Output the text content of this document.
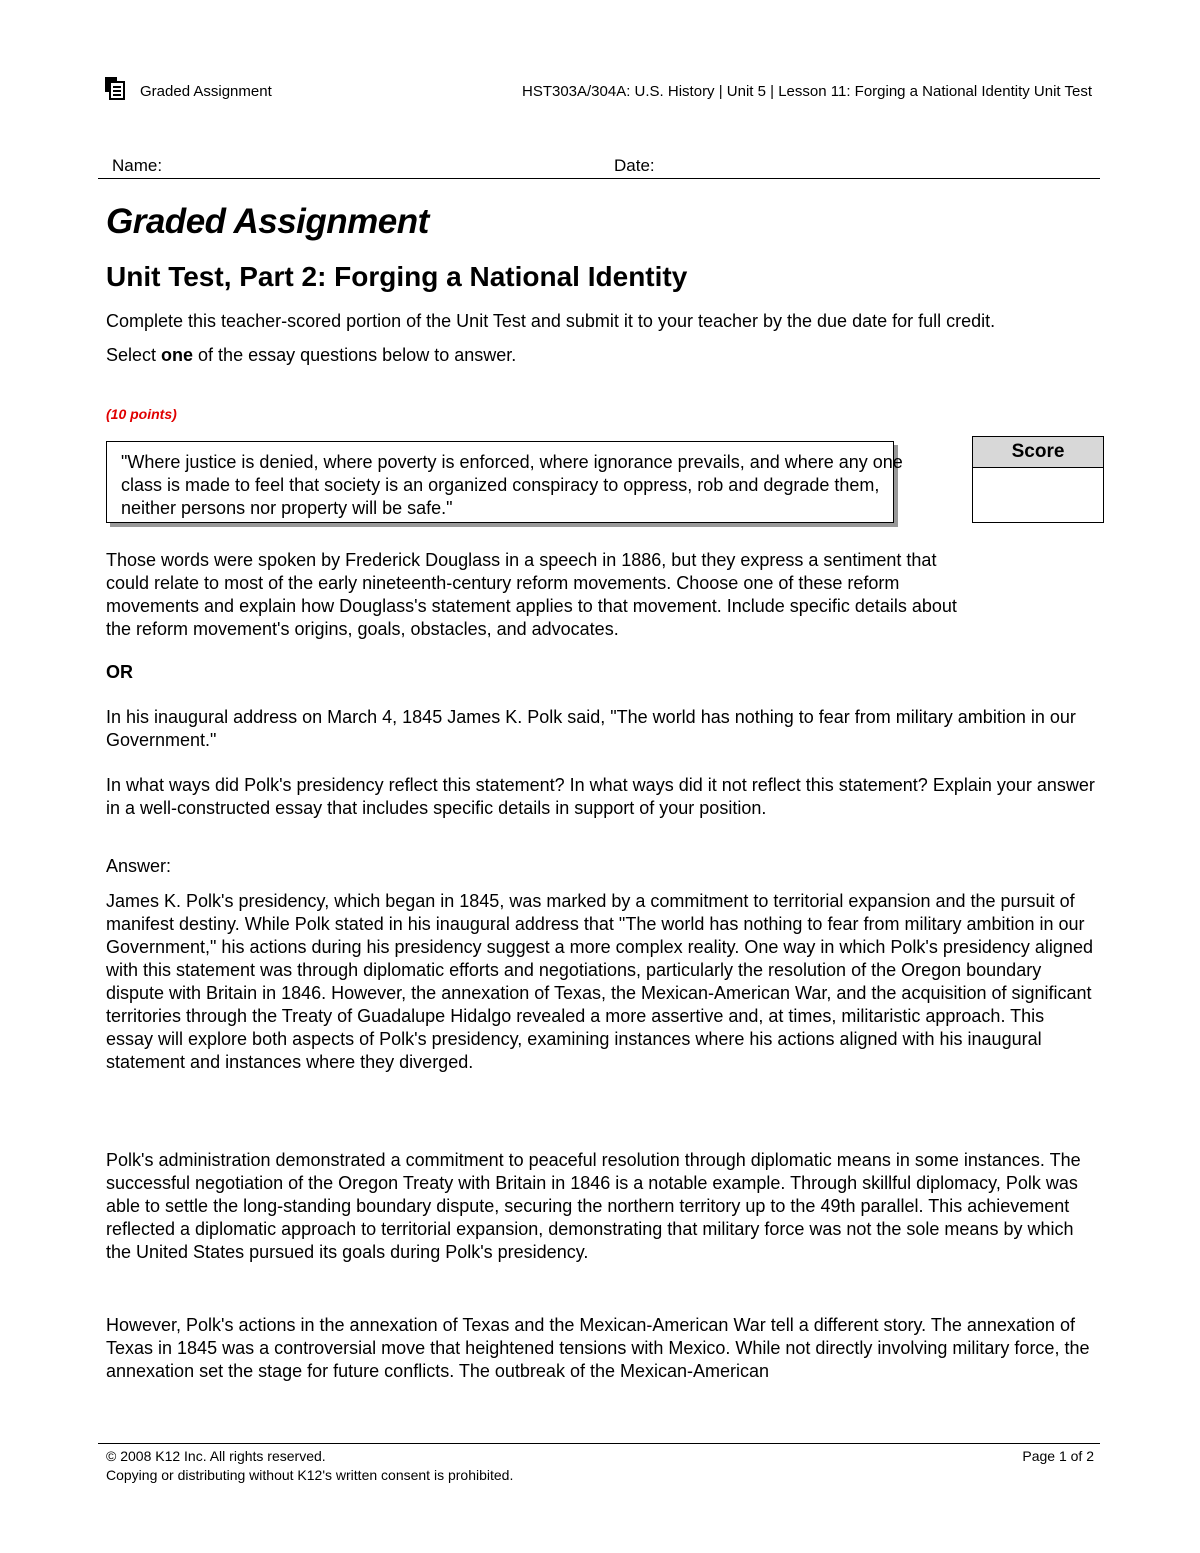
Graded Assignment	HST303A/304A: U.S. History | Unit 5 | Lesson 11: Forging a National Identity Unit Test
Name:	Date:
Graded Assignment
Unit Test, Part 2: Forging a National Identity

Complete this teacher-scored portion of the Unit Test and submit it to your teacher by the due date for full credit.

Select one of the essay questions below to answer.

(10 points)

"Where justice is denied, where poverty is enforced, where ignorance prevails, and where any one class is made to feel that society is an organized conspiracy to oppress, rob and degrade them, neither persons nor property will be safe."

Score

Those words were spoken by Frederick Douglass in a speech in 1886, but they express a sentiment that could relate to most of the early nineteenth-century reform movements. Choose one of these reform movements and explain how Douglass's statement applies to that movement. Include specific details about the reform movement's origins, goals, obstacles, and advocates.

OR

In his inaugural address on March 4, 1845 James K. Polk said, "The world has nothing to fear from military ambition in our Government."

In what ways did Polk's presidency reflect this statement? In what ways did it not reflect this statement? Explain your answer in a well-constructed essay that includes specific details in support of your position.

Answer:

James K. Polk's presidency, which began in 1845, was marked by a commitment to territorial expansion and the pursuit of manifest destiny. While Polk stated in his inaugural address that "The world has nothing to fear from military ambition in our Government," his actions during his presidency suggest a more complex reality. One way in which Polk's presidency aligned with this statement was through diplomatic efforts and negotiations, particularly the resolution of the Oregon boundary dispute with Britain in 1846. However, the annexation of Texas, the Mexican-American War, and the acquisition of significant territories through the Treaty of Guadalupe Hidalgo revealed a more assertive and, at times, militaristic approach. This essay will explore both aspects of Polk's presidency, examining instances where his actions aligned with his inaugural statement and instances where they diverged.

Polk's administration demonstrated a commitment to peaceful resolution through diplomatic means in some instances. The successful negotiation of the Oregon Treaty with Britain in 1846 is a notable example. Through skillful diplomacy, Polk was able to settle the long-standing boundary dispute, securing the northern territory up to the 49th parallel. This achievement reflected a diplomatic approach to territorial expansion, demonstrating that military force was not the sole means by which the United States pursued its goals during Polk's presidency.

However, Polk's actions in the annexation of Texas and the Mexican-American War tell a different story. The annexation of Texas in 1845 was a controversial move that heightened tensions with Mexico. While not directly involving military force, the annexation set the stage for future conflicts. The outbreak of the Mexican-American

© 2008 K12 Inc. All rights reserved.
Copying or distributing without K12's written consent is prohibited.
Page 1 of 2
